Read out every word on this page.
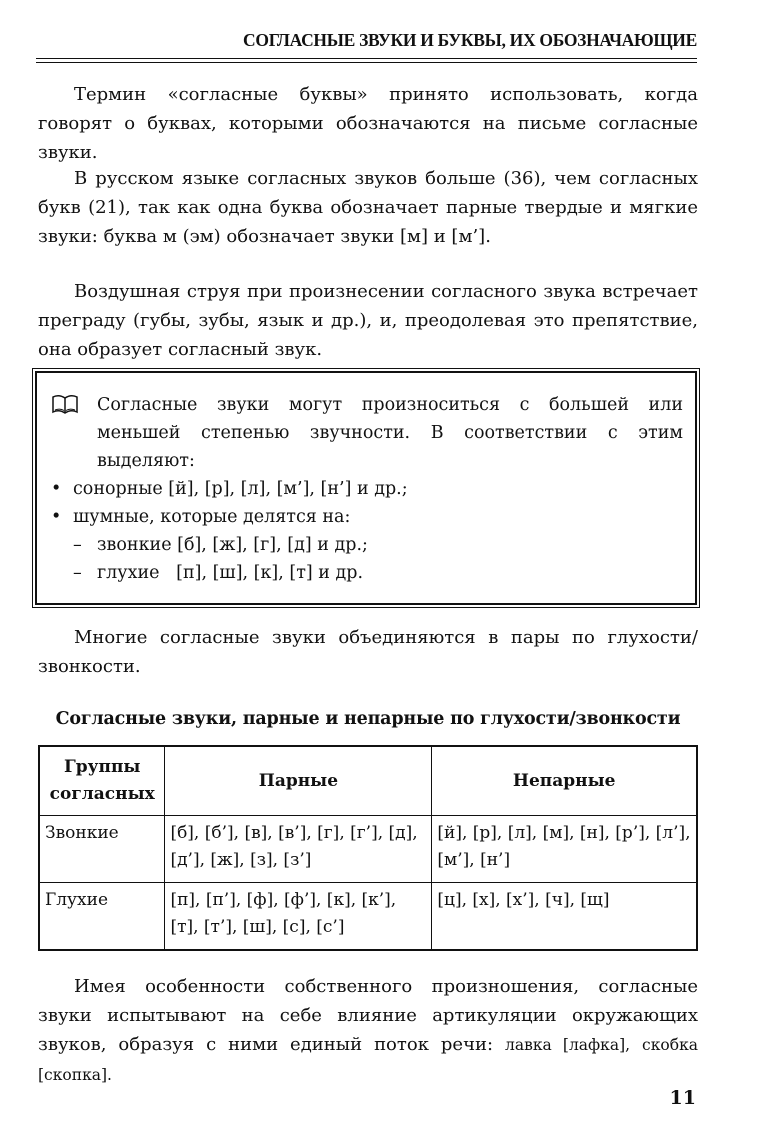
СОГЛАСНЫЕ ЗВУКИ И БУКВЫ, ИХ ОБОЗНАЧАЮЩИЕ

Термин «согласные буквы» принято использовать, когда говорят о буквах, которыми обозначаются на письме согласные звуки.

В русском языке согласных звуков больше (36), чем согласных букв (21), так как одна буква обозначает парные твердые и мягкие звуки: буква м (эм) обозначает звуки [м] и [м’].

Воздушная струя при произнесении согласного звука встречает преграду (губы, зубы, язык и др.), и, преодолевая это препятствие, она образует согласный звук.

Согласные звуки могут произноситься с большей или меньшей степенью звучности. В соответствии с этим выделяют:

• сонорные [й], [р], [л], [м’], [н’] и др.;
• шумные, которые делятся на:
– звонкие [б], [ж], [г], [д] и др.;
– глухие   [п], [ш], [к], [т] и др.

Многие согласные звуки объединяются в пары по глухости/звонкости.

Согласные звуки, парные и непарные по глухости/звонкости

Группы согласных	Парные	Непарные
Звонкие	[б], [б’], [в], [в’], [г], [г’], [д], [д’], [ж], [з], [з’]	[й], [р], [л], [м], [н], [р’], [л’], [м’], [н’]
Глухие	[п], [п’], [ф], [ф’], [к], [к’], [т], [т’], [ш], [с], [с’]	[ц], [х], [х’], [ч], [щ]

Имея особенности собственного произношения, согласные звуки испытывают на себе влияние артикуляции окружающих звуков, образуя с ними единый поток речи: лавка [лафка], скобка [скопка].

11
